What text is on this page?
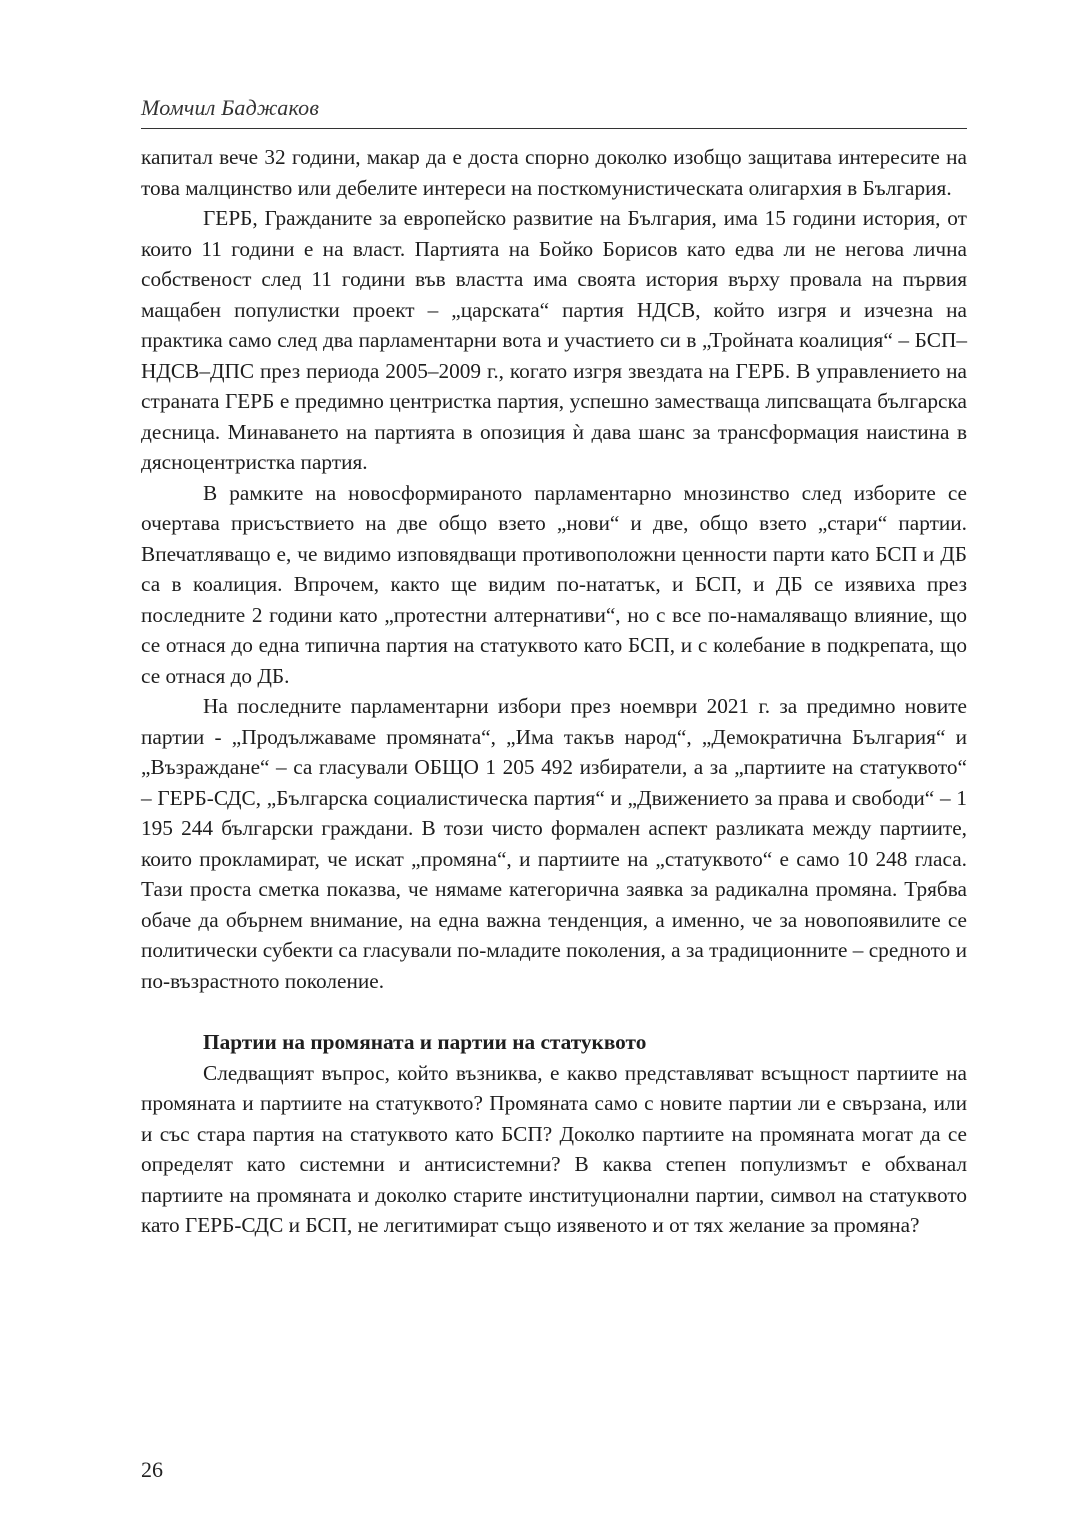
Момчил Баджаков

капитал вече 32 години, макар да е доста спорно доколко изобщо защитава интересите на това малцинство или дебелите интереси на посткомунистическата олигархия в България.

ГЕРБ, Гражданите за европейско развитие на България, има 15 години история, от които 11 години е на власт. Партията на Бойко Борисов като едва ли не негова лична собственост след 11 години във властта има своята история върху провала на първия мащабен популистки проект – „царската“ партия НДСВ, който изгря и изчезна на практика само след два парламентарни вота и участието си в „Тройната коалиция“ – БСП–НДСВ–ДПС през периода 2005–2009 г., когато изгря звездата на ГЕРБ. В управлението на страната ГЕРБ е предимно центристка партия, успешно заместваща липсващата българска десница. Минаването на партията в опозиция ѝ дава шанс за трансформация наистина в дясноцентристка партия.

В рамките на новосформираното парламентарно мнозинство след изборите се очертава присъствието на две общо взето „нови“ и две, общо взето „стари“ партии. Впечатляващо е, че видимо изповядващи противоположни ценности парти като БСП и ДБ са в коалиция. Впрочем, както ще видим по-нататък, и БСП, и ДБ се изявиха през последните 2 години като „протестни алтернативи“, но с все по-намаляващо влияние, що се отнася до една типична партия на статуквото като БСП, и с колебание в подкрепата, що се отнася до ДБ.

На последните парламентарни избори през ноември 2021 г. за предимно новите партии - „Продължаваме промяната“, „Има такъв народ“, „Демократична България“ и „Възраждане“ – са гласували ОБЩО 1 205 492 избиратели, а за „партиите на статуквото“ – ГЕРБ-СДС, „Българска социалистическа партия“ и „Движението за права и свободи“ – 1 195 244 български граждани. В този чисто формален аспект разликата между партиите, които прокламират, че искат „промяна“, и партиите на „статуквото“ е само 10 248 гласа. Тази проста сметка показва, че нямаме категорична заявка за радикална промяна. Трябва обаче да обърнем внимание, на една важна тенденция, а именно, че за новопоявилите се политически субекти са гласували по-младите поколения, а за традиционните – средното и по-възрастното поколение.

Партии на промяната и партии на статуквото

Следващият въпрос, който възниква, е какво представляват всъщност партиите на промяната и партиите на статуквото? Промяната само с новите партии ли е свързана, или и със стара партия на статуквото като БСП? Доколко партиите на промяната могат да се определят като системни и антисистемни? В каква степен популизмът е обхванал партиите на промяната и доколко старите институционални партии, символ на статуквото като ГЕРБ-СДС и БСП, не легитимират също изявеното и от тях желание за промяна?

26
